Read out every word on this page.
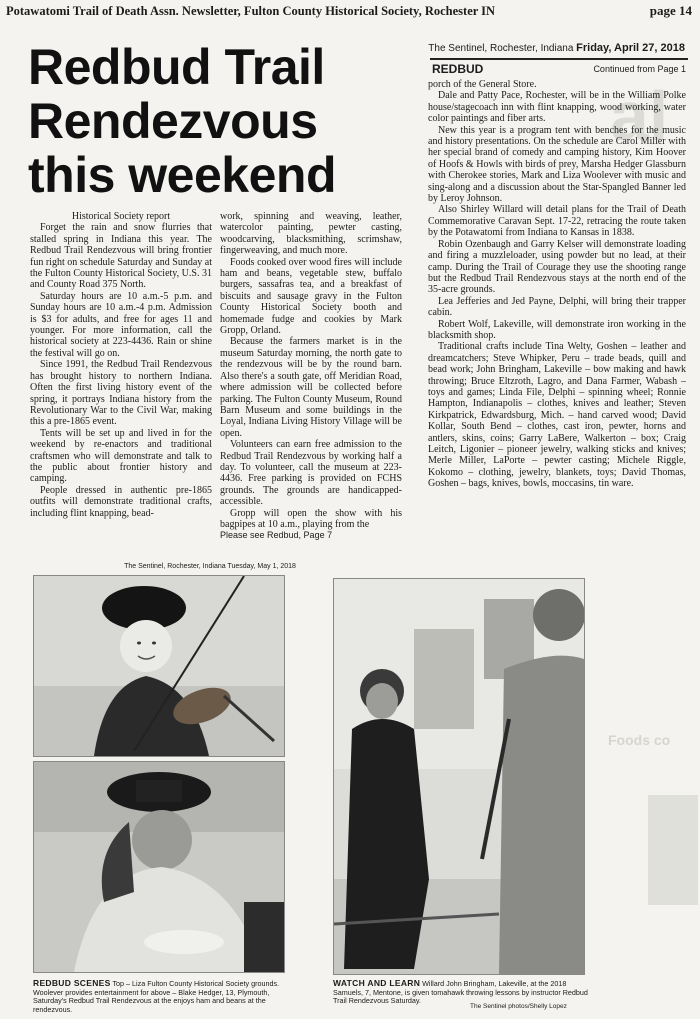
Potawatomi Trail of Death Assn. Newsletter, Fulton County Historical Society, Rochester IN	page 14
al
Foods co
Redbud Trail Rendezvous this weekend
The Sentinel, Rochester, Indiana Friday, April 27, 2018
REDBUD	Continued from Page 1

Historical Society report

Forget the rain and snow flurries that stalled spring in Indiana this year. The Redbud Trail Rendezvous will bring frontier fun right on schedule Saturday and Sunday at the Fulton County Historical Society, U.S. 31 and County Road 375 North.

Saturday hours are 10 a.m.-5 p.m. and Sunday hours are 10 a.m.-4 p.m. Admission is $3 for adults, and free for ages 11 and younger. For more information, call the historical society at 223-4436. Rain or shine the festival will go on.

Since 1991, the Redbud Trail Rendezvous has brought history to northern Indiana. Often the first living history event of the spring, it portrays Indiana history from the Revolutionary War to the Civil War, making this a pre-1865 event.

Tents will be set up and lived in for the weekend by re-enactors and traditional craftsmen who will demonstrate and talk to the public about frontier history and camping.

People dressed in authentic pre-1865 outfits will demonstrate traditional crafts, including flint knapping, bead-

work, spinning and weaving, leather, watercolor painting, pewter casting, woodcarving, blacksmithing, scrimshaw, fingerweaving, and much more.

Foods cooked over wood fires will include ham and beans, vegetable stew, buffalo burgers, sassafras tea, and a breakfast of biscuits and sausage gravy in the Fulton County Historical Society booth and homemade fudge and cookies by Mark Gropp, Orland.

Because the farmers market is in the museum Saturday morning, the north gate to the rendezvous will be by the round barn. Also there's a south gate, off Meridian Road, where admission will be collected before parking. The Fulton County Museum, Round Barn Museum and some buildings in the Loyal, Indiana Living History Village will be open.

Volunteers can earn free admission to the Redbud Trail Rendezvous by working half a day. To volunteer, call the museum at 223-4436. Free parking is provided on FCHS grounds. The grounds are handicapped-accessible.

Gropp will open the show with his bagpipes at 10 a.m., playing from the

Please see Redbud, Page 7

porch of the General Store.

Dale and Patty Pace, Rochester, will be in the William Polke house/stagecoach inn with flint knapping, wood working, water color paintings and fiber arts.

New this year is a program tent with benches for the music and history presentations. On the schedule are Carol Miller with her special brand of comedy and camping history, Kim Hoover of Hoofs & Howls with birds of prey, Marsha Hedger Glassburn with Cherokee stories, Mark and Liza Woolever with music and sing-along and a discussion about the Star-Spangled Banner led by Leroy Johnson.

Also Shirley Willard will detail plans for the Trail of Death Commemorative Caravan Sept. 17-22, retracing the route taken by the Potawatomi from Indiana to Kansas in 1838.

Robin Ozenbaugh and Garry Kelser will demonstrate loading and firing a muzzleloader, using powder but no lead, at their camp. During the Trail of Courage they use the shooting range but the Redbud Trail Rendezvous stays at the north end of the 35-acre grounds.

Lea Jefferies and Jed Payne, Delphi, will bring their trapper cabin.

Robert Wolf, Lakeville, will demonstrate iron working in the blacksmith shop.

Traditional crafts include Tina Welty, Goshen – leather and dreamcatchers; Steve Whipker, Peru – trade beads, quill and bead work; John Bringham, Lakeville – bow making and hawk throwing; Bruce Eltzroth, Lagro, and Dana Farmer, Wabash – toys and games; Linda File, Delphi – spinning wheel; Ronnie Hampton, Indianapolis – clothes, knives and leather; Steven Kirkpatrick, Edwardsburg, Mich. – hand carved wood; David Kollar, South Bend – clothes, cast iron, pewter, horns and antlers, skins, coins; Garry LaBere, Walkerton – box; Craig Leitch, Ligonier – pioneer jewelry, walking sticks and knives; Merle Miller, LaPorte – pewter casting; Michele Riggle, Kokomo – clothing, jewelry, blankets, toys; David Thomas, Goshen – bags, knives, bowls, moccasins, tin ware.

The Sentinel, Rochester, Indiana Tuesday, May 1, 2018
REDBUD SCENES Top – Liza Fulton County Historical Society grounds. Woolever provides entertainment for above – Blake Hedger, 13, Plymouth, Saturday's Redbud Trail Rendezvous at the enjoys ham and beans at the rendezvous.
WATCH AND LEARN Willard John Bringham, Lakeville, at the 2018 Samuels, 7, Mentone, is given tomahawk throwing lessons by instructor Redbud Trail Rendezvous Saturday.
The Sentinel photos/Shelly Lopez
